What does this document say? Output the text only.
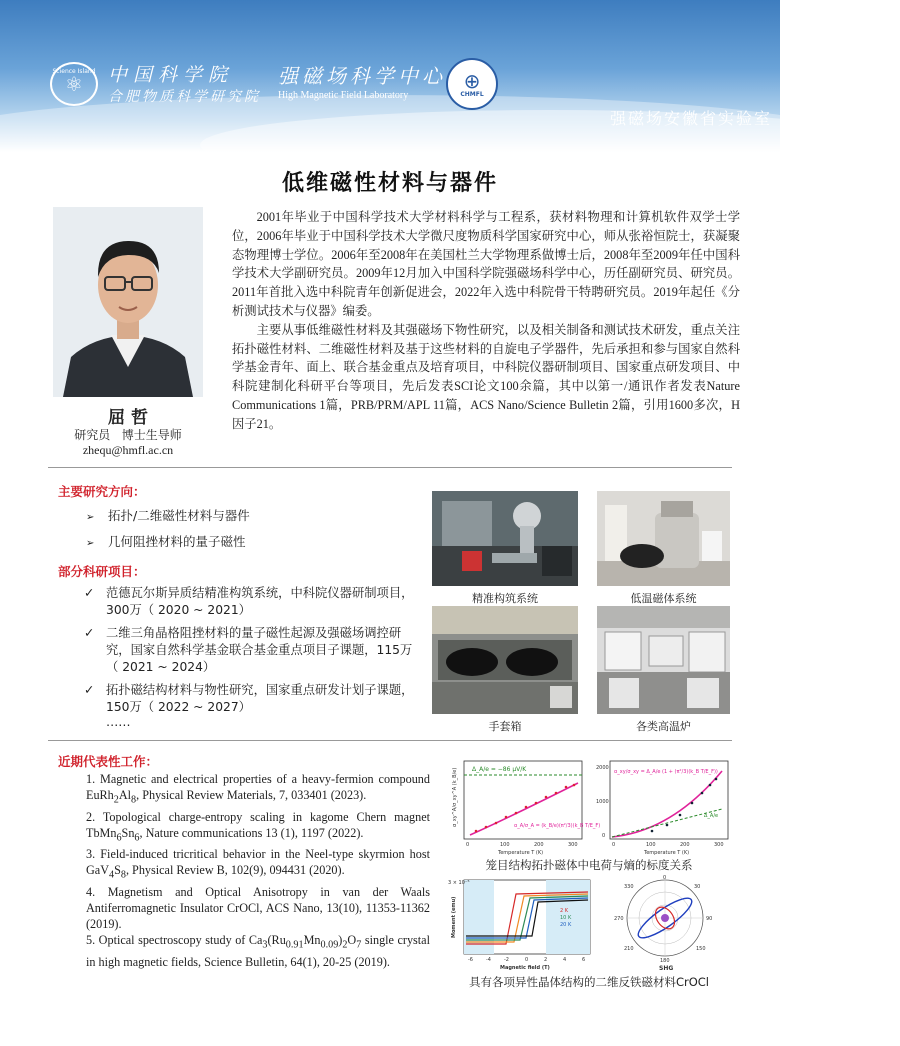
Science Island
⚛ 中国科学院
合肥物质科学研究院
强磁场科学中心
High Magnetic Field Laboratory
⊕
CHMFL
强磁场安徽省实验室
低维磁性材料与器件
屈 哲
研究员   博士生导师
zhequ@hmfl.ac.cn

2001年毕业于中国科学技术大学材料科学与工程系，获材料物理和计算机软件双学士学位，2006年毕业于中国科学技术大学微尺度物质科学国家研究中心，师从张裕恒院士，获凝聚态物理博士学位。2006年至2008年在美国杜兰大学物理系做博士后，2008年至2009年任中国科学技术大学副研究员。2009年12月加入中国科学院强磁场科学中心，历任副研究员、研究员。2011年首批入选中科院青年创新促进会，2022年入选中科院骨干特聘研究员。2019年起任《分析测试技术与仪器》编委。

主要从事低维磁性材料及其强磁场下物性研究，以及相关制备和测试技术研发，重点关注拓扑磁性材料、二维磁性材料及基于这些材料的自旋电子学器件，先后承担和参与国家自然科学基金青年、面上、联合基金重点及培育项目，中科院仪器研制项目、国家重点研发项目、中科院建制化科研平台等项目，先后发表SCI论文100余篇，其中以第一/通讯作者发表Nature Communications 1篇，PRB/PRM/APL 11篇，ACS Nano/Science Bulletin 2篇，引用1600多次，H因子21。

主要研究方向：
➢ 拓扑/二维磁性材料与器件
➢ 几何阻挫材料的量子磁性
部分科研项目：
✓ 范德瓦尔斯异质结精准构筑系统，中科院仪器研制项目，300万（ 2020 ~ 2021）
✓ 二维三角晶格阻挫材料的量子磁性起源及强磁场调控研究，国家自然科学基金联合基金重点项目子课题，115万（ 2021 ~ 2024）
✓ 拓扑磁结构材料与物性研究，国家重点研发计划子课题，150万（ 2022 ~ 2027）
……
精准构筑系统	低温磁体系统
手套箱	各类高温炉
近期代表性工作：
1. Magnetic and electrical properties of a heavy-fermion compound $EuRh_2Al_8$, Physical Review Materials, 7, 033401 (2023).
2. Topological charge-entropy scaling in kagome Chern magnet $TbMn_6Sn_6$, Nature communications 13 (1), 1197 (2022).
3. Field-induced tricritical behavior in the Neel-type skyrmion host $GaV_4S_8$, Physical Review B, 102(9), 094431 (2020).
4. Magnetism and Optical Anisotropy in van der Waals Antiferromagnetic Insulator CrOCl, ACS Nano, 13(10), 11353-11362 (2019).
5. Optical spectroscopy study of $Ca_3(Ru_{0.91}Mn_{0.09})_2O_7$ single crystal in high magnetic fields, Science Bulletin, 64(1), 20-25 (2019).
Δ_A/e = −86 μV/K
α_A/σ_A = (k_B/e)(π²/3)(k_B T/E_F)
0	100	200	300
Temperature T (K)
α_xy^A/σ_xy^A (k_B/e)	2000
1000
0
α_xy/σ_xy = Δ_A/e (1 + (π²/3)(k_B T/E_F))
Δ_A/e
0	100	200	300
Temperature T (K)
笼目结构拓扑磁体中电荷与熵的标度关系
3 × 10⁻⁵
2 K
10 K
20 K
-6	-4	-2	0	2	4	6
Magnetic field (T)
Moment (emu)
0
90
180
270
30
150
210
330
SHG
具有各项异性晶体结构的二维反铁磁材料CrOCl
